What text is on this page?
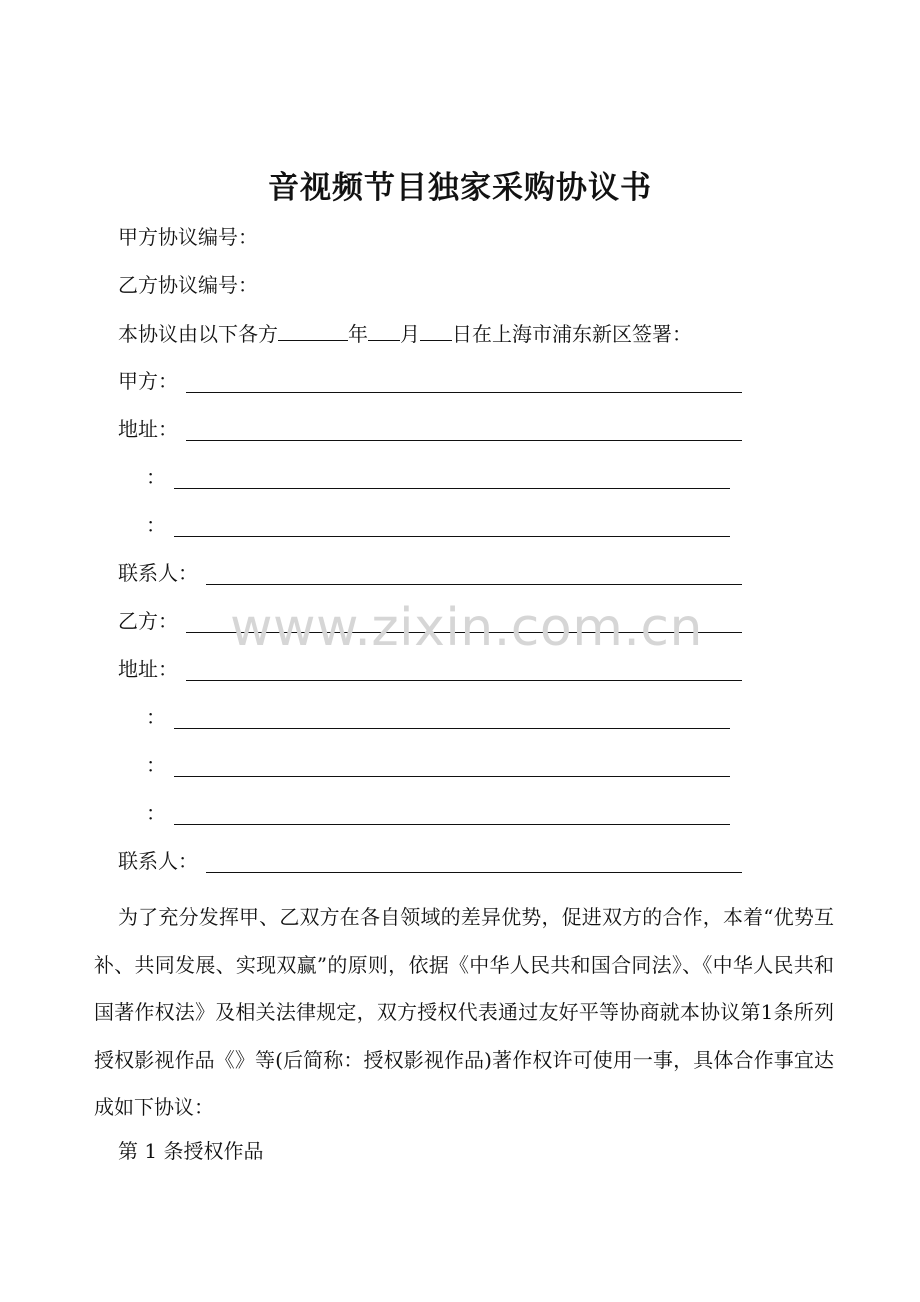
音视频节目独家采购协议书

甲方协议编号：

乙方协议编号：

本协议由以下各方	年 月 日在上海市浦东新区签署：

甲方：
地址：
：
：
联系人：
乙方：
地址：
：
：
：
联系人：

为了充分发挥甲、乙双方在各自领域的差异优势，促进双方的合作，本着“优势互补、共同发展、实现双赢”的原则，依据《中华人民共和国合同法》、《中华人民共和国著作权法》及相关法律规定，双方授权代表通过友好平等协商就本协议第1条所列授权影视作品《》等(后简称：授权影视作品)著作权许可使用一事，具体合作事宜达成如下协议：

第 1 条授权作品

www.zixin.com.cn
